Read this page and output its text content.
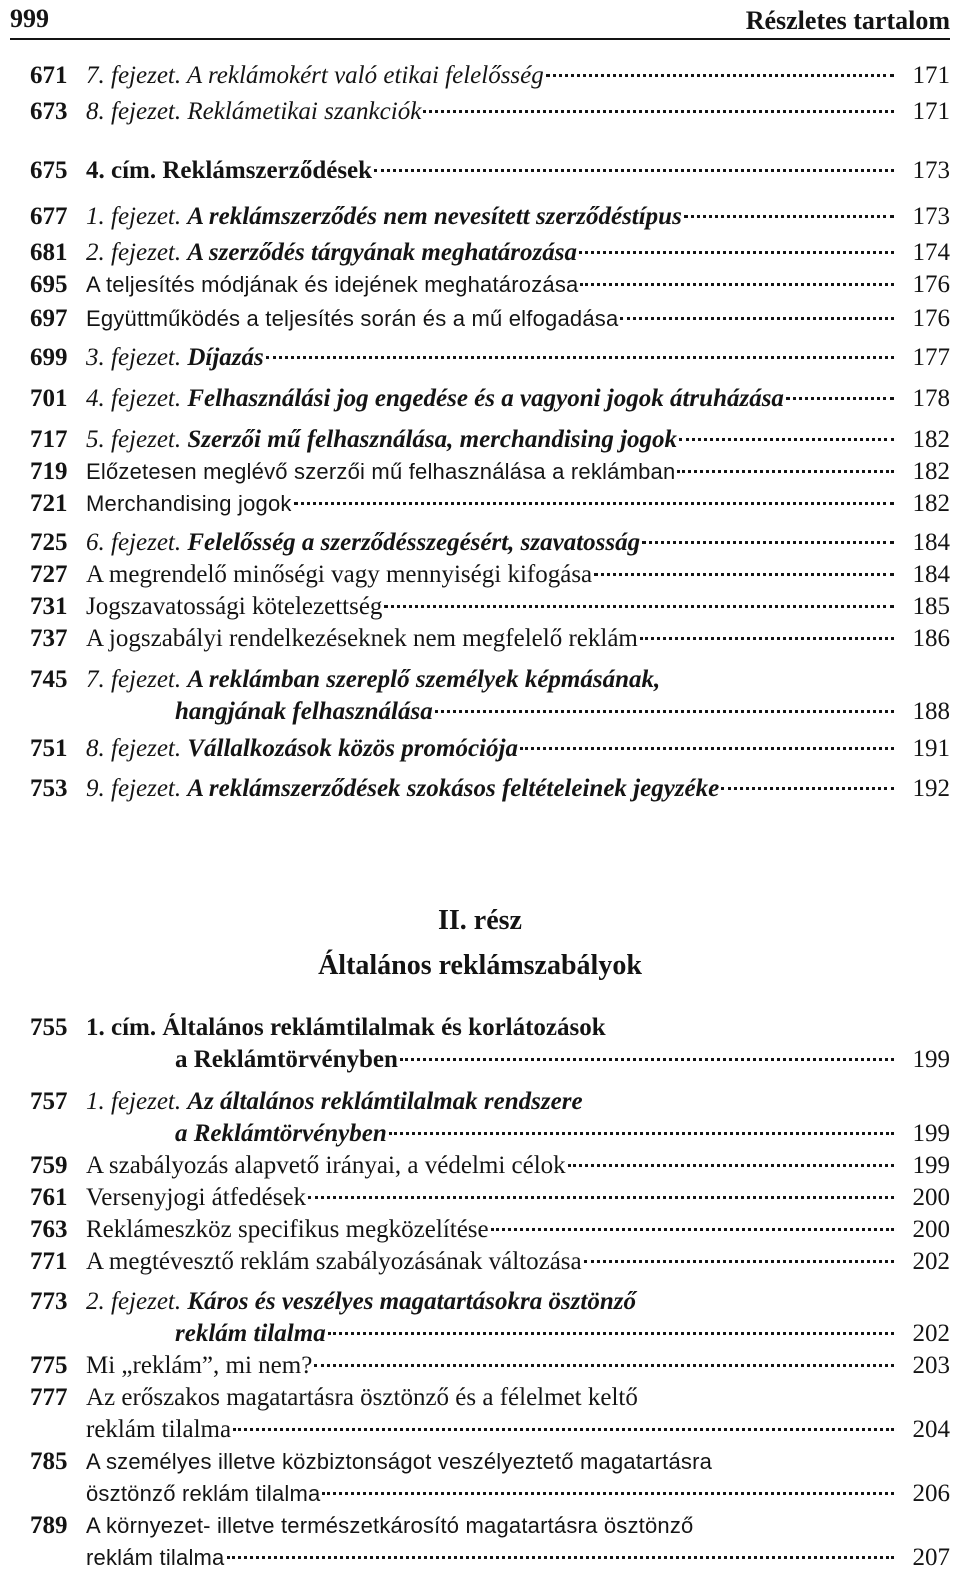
999	Részletes tartalom
II. rész
Általános reklámszabályok
671 7. fejezet. A reklámokért való etikai felelősség	171
673 8. fejezet. Reklámetikai szankciók	171
675 4. cím. Reklámszerződések	173
677 1. fejezet. A reklámszerződés nem nevesített szerződéstípus	173
681 2. fejezet. A szerződés tárgyának meghatározása	174
695 A teljesítés módjának és idejének meghatározása	176
697 Együttműködés a teljesítés során és a mű elfogadása	176
699 3. fejezet. Díjazás	177
701 4. fejezet. Felhasználási jog engedése és a vagyoni jogok átruházása	178
717 5. fejezet. Szerzői mű felhasználása, merchandising jogok	182
719 Előzetesen meglévő szerzői mű felhasználása a reklámban	182
721 Merchandising jogok	182
725 6. fejezet. Felelősség a szerződésszegésért, szavatosság	184
727 A megrendelő minőségi vagy mennyiségi kifogása	184
731 Jogszavatossági kötelezettség	185
737 A jogszabályi rendelkezéseknek nem megfelelő reklám	186
745 7. fejezet. A reklámban szereplő személyek képmásának,
hangjának felhasználása	188
751 8. fejezet. Vállalkozások közös promóciója	191
753 9. fejezet. A reklámszerződések szokásos feltételeinek jegyzéke	192
755 1. cím. Általános reklámtilalmak és korlátozások
a Reklámtörvényben	199
757 1. fejezet. Az általános reklámtilalmak rendszere
a Reklámtörvényben	199
759 A szabályozás alapvető irányai, a védelmi célok	199
761 Versenyjogi átfedések	200
763 Reklámeszköz specifikus megközelítése	200
771 A megtévesztő reklám szabályozásának változása	202
773 2. fejezet. Káros és veszélyes magatartásokra ösztönző
reklám tilalma	202
775 Mi „reklám”, mi nem?	203
777 Az erőszakos magatartásra ösztönző és a félelmet keltő
reklám tilalma	204
785 A személyes illetve közbiztonságot veszélyeztető magatartásra
ösztönző reklám tilalma	206
789 A környezet- illetve természetkárosító magatartásra ösztönző
reklám tilalma	207
